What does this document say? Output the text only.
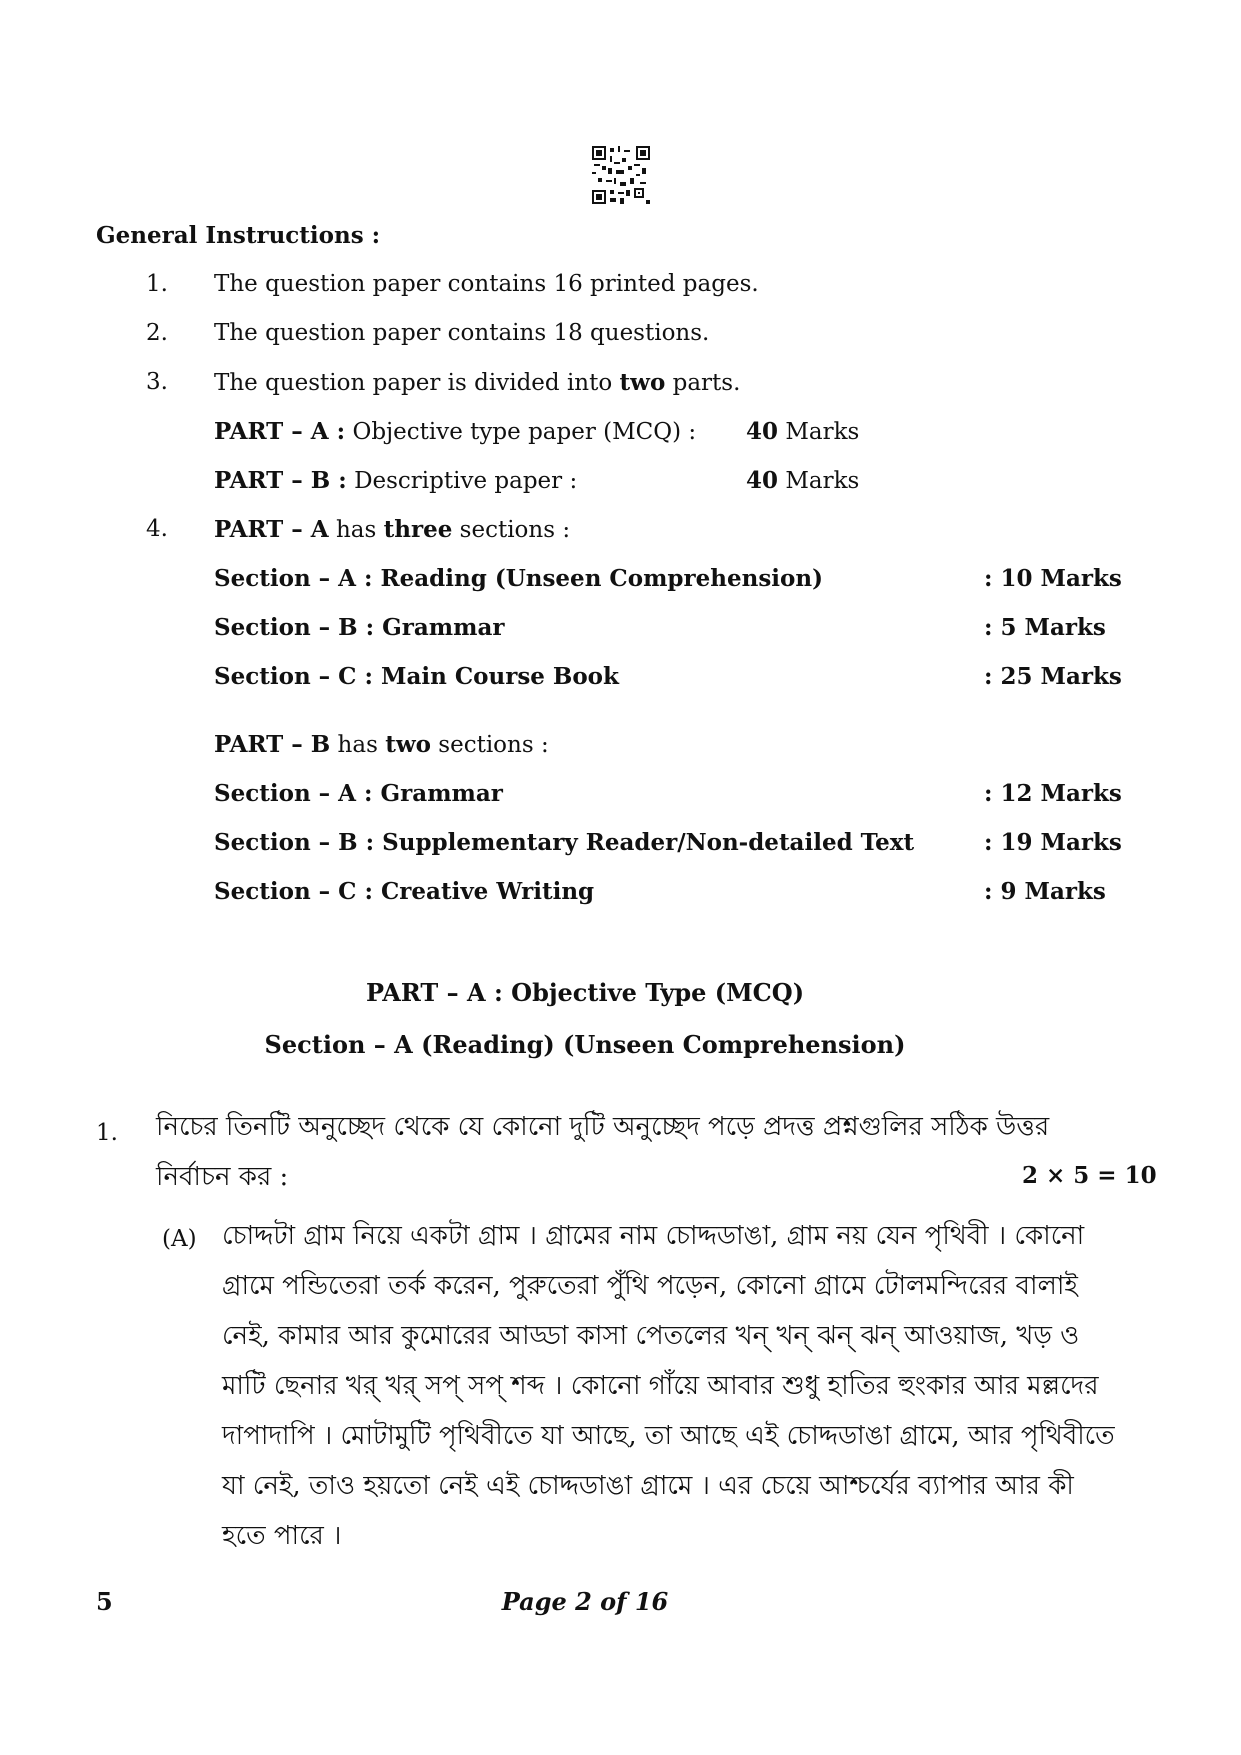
General Instructions :
1. The question paper contains 16 printed pages.
2. The question paper contains 18 questions.
3. The question paper is divided into two parts.
PART – A : Objective type paper (MCQ) : 40 Marks
PART – B : Descriptive paper :	40 Marks
4. PART – A has three sections :
Section – A : Reading (Unseen Comprehension)	: 10 Marks
Section – B : Grammar	: 5 Marks
Section – C : Main Course Book	: 25 Marks
PART – B has two sections :
Section – A : Grammar	: 12 Marks
Section – B : Supplementary Reader/Non-detailed Text	: 19 Marks
Section – C : Creative Writing	: 9 Marks
PART – A : Objective Type (MCQ)
Section – A (Reading) (Unseen Comprehension)
1. নিচের তিনটি অনুচ্ছেদ থেকে যে কোনো দুটি অনুচ্ছেদ পড়ে প্রদত্ত প্রশ্নগুলির সঠিক উত্তর
নির্বাচন কর :	2 × 5 = 10
(A) চোদ্দটা গ্রাম নিয়ে একটা গ্রাম । গ্রামের নাম চোদ্দডাঙা, গ্রাম নয় যেন পৃথিবী । কোনো
গ্রামে পন্ডিতেরা তর্ক করেন, পুরুতেরা পুঁথি পড়েন, কোনো গ্রামে টোলমন্দিরের বালাই
নেই, কামার আর কুমোরের আড্ডা কাসা পেতলের খন্ খন্ ঝন্ ঝন্ আওয়াজ, খড় ও
মাটি ছেনার খর্ খর্ সপ্ সপ্ শব্দ । কোনো গাঁয়ে আবার শুধু হাতির হুংকার আর মল্লদের
দাপাদাপি । মোটামুটি পৃথিবীতে যা আছে, তা আছে এই চোদ্দডাঙা গ্রামে, আর পৃথিবীতে
যা নেই, তাও হয়তো নেই এই চোদ্দডাঙা গ্রামে । এর চেয়ে আশ্চর্যের ব্যাপার আর কী
হতে পারে ।
5	Page 2 of 16
